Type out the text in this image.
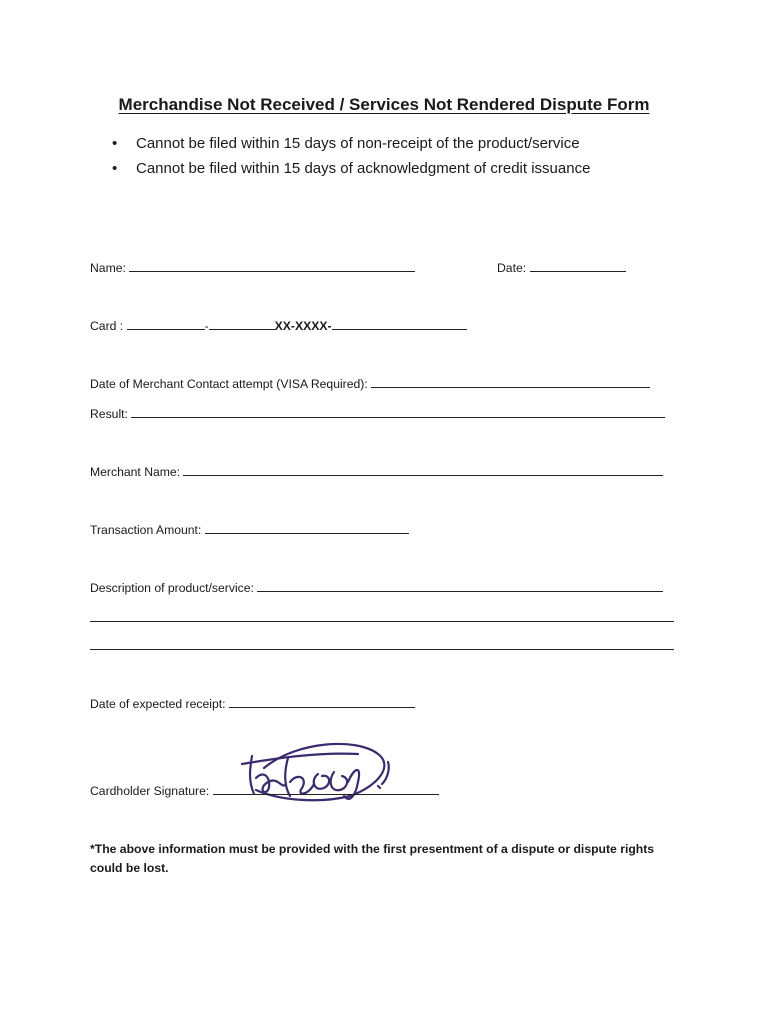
Merchandise Not Received / Services Not Rendered Dispute Form
• Cannot be filed within 15 days of non-receipt of the product/service
• Cannot be filed within 15 days of acknowledgment of credit issuance
Name:	Date:
Card :	-	XX-XXXX-
Date of Merchant Contact attempt (VISA Required):
Result:
Merchant Name:
Transaction Amount:
Description of product/service:
Date of expected receipt:
Cardholder Signature:
*The above information must be provided with the first presentment of a dispute or dispute rights could be lost.
